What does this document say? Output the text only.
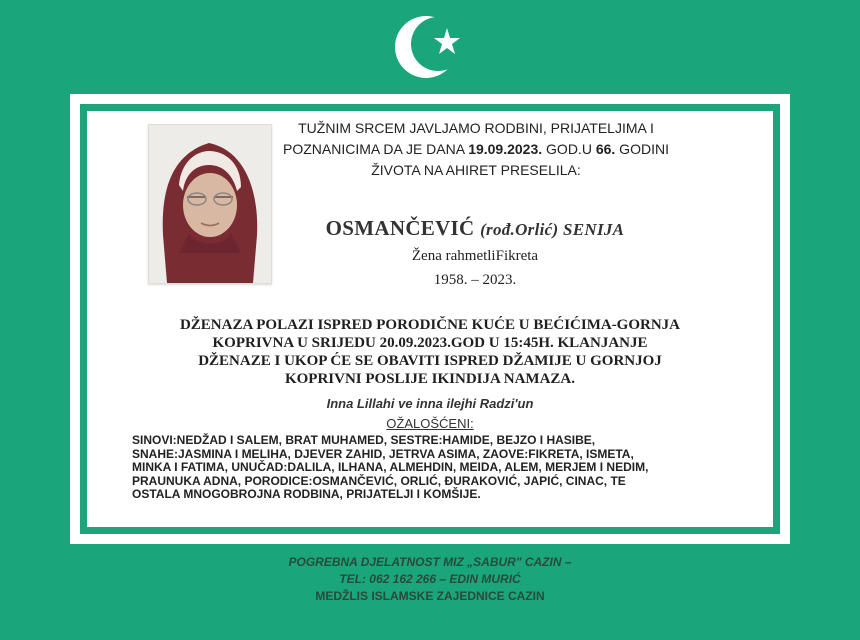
TUŽNIM SRCEM JAVLJAMO RODBINI, PRIJATELJIMA I
POZNANICIMA DA JE DANA 19.09.2023. GOD.U 66. GODINI
ŽIVOTA NA AHIRET PRESELILA:
OSMANČEVIĆ (rođ.Orlić) SENIJA
Žena rahmetliFikreta
1958. – 2023.
DŽENAZA POLAZI ISPRED PORODIČNE KUĆE U BEĆIĆIMA-GORNJA
KOPRIVNA U SRIJEDU 20.09.2023.GOD U 15:45H. KLANJANJE
DŽENAZE I UKOP ĆE SE OBAVITI ISPRED DŽAMIJE U GORNJOJ
KOPRIVNI POSLIJE IKINDIJA NAMAZA.
Inna Lillahi ve inna ilejhi Radzi'un
OŽALOŠĆENI:
SINOVI:NEDŽAD I SALEM, BRAT MUHAMED, SESTRE:HAMIDE, BEJZO I HASIBE,
SNAHE:JASMINA I MELIHA, DJEVER ZAHID, JETRVA ASIMA, ZAOVE:FIKRETA, ISMETA,
MINKA I FATIMA, UNUČAD:DALILA, ILHANA, ALMEHDIN, MEIDA, ALEM, MERJEM I NEDIM,
PRAUNUKA ADNA, PORODICE:OSMANČEVIĆ, ORLIĆ, ĐURAKOVIĆ, JAPIĆ, CINAC, TE
OSTALA MNOGOBROJNA RODBINA, PRIJATELJI I KOMŠIJE.
POGREBNA DJELATNOST MIZ „SABUR" CAZIN –
TEL: 062 162 266 – EDIN MURIĆ
MEDŽLIS ISLAMSKE ZAJEDNICE CAZIN
